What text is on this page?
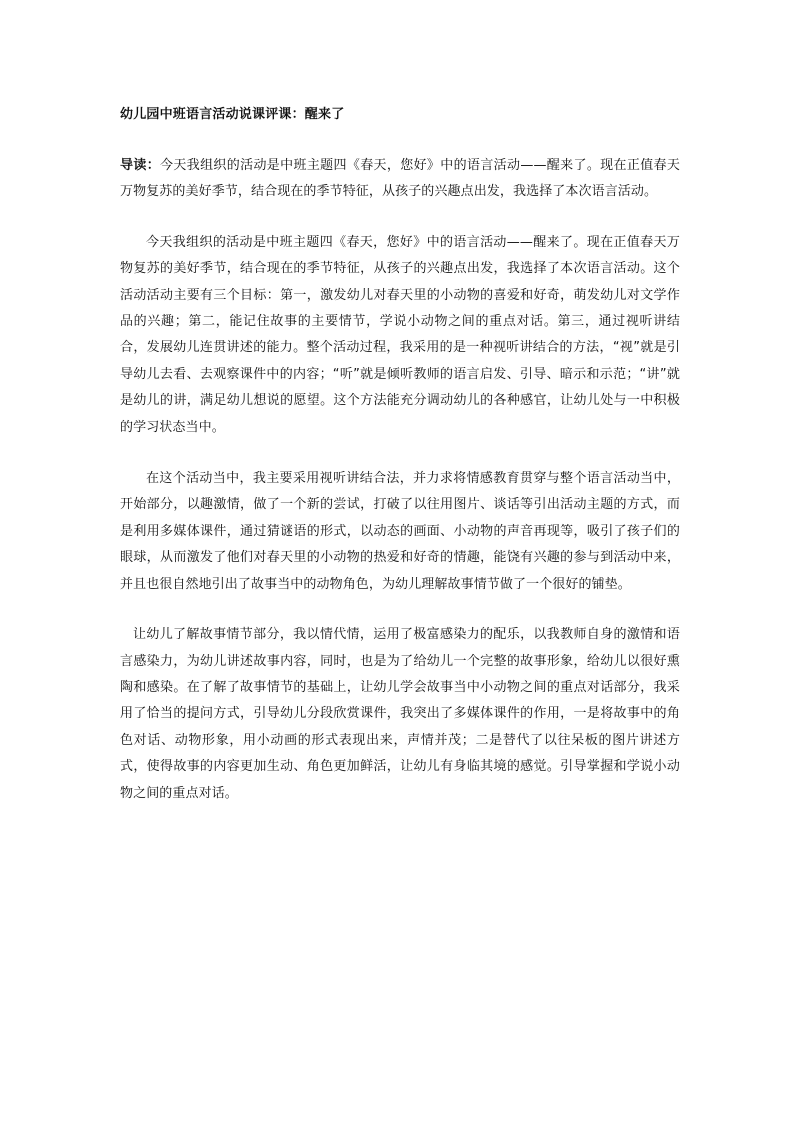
幼儿园中班语言活动说课评课：醒来了

导读：今天我组织的活动是中班主题四《春天，您好》中的语言活动——醒来了。现在正值春天万物复苏的美好季节，结合现在的季节特征，从孩子的兴趣点出发，我选择了本次语言活动。

今天我组织的活动是中班主题四《春天，您好》中的语言活动——醒来了。现在正值春天万物复苏的美好季节，结合现在的季节特征，从孩子的兴趣点出发，我选择了本次语言活动。这个活动活动主要有三个目标：第一，激发幼儿对春天里的小动物的喜爱和好奇，萌发幼儿对文学作品的兴趣；第二，能记住故事的主要情节，学说小动物之间的重点对话。第三，通过视听讲结合，发展幼儿连贯讲述的能力。整个活动过程，我采用的是一种视听讲结合的方法，“视”就是引导幼儿去看、去观察课件中的内容；“听”就是倾听教师的语言启发、引导、暗示和示范；“讲”就是幼儿的讲，满足幼儿想说的愿望。这个方法能充分调动幼儿的各种感官，让幼儿处与一中积极的学习状态当中。

在这个活动当中，我主要采用视听讲结合法，并力求将情感教育贯穿与整个语言活动当中，开始部分，以趣激情，做了一个新的尝试，打破了以往用图片、谈话等引出活动主题的方式，而是利用多媒体课件，通过猜谜语的形式，以动态的画面、小动物的声音再现等，吸引了孩子们的眼球，从而激发了他们对春天里的小动物的热爱和好奇的情趣，能饶有兴趣的参与到活动中来，并且也很自然地引出了故事当中的动物角色，为幼儿理解故事情节做了一个很好的铺垫。

让幼儿了解故事情节部分，我以情代情，运用了极富感染力的配乐，以我教师自身的激情和语言感染力，为幼儿讲述故事内容，同时，也是为了给幼儿一个完整的故事形象，给幼儿以很好熏陶和感染。在了解了故事情节的基础上，让幼儿学会故事当中小动物之间的重点对话部分，我采用了恰当的提问方式，引导幼儿分段欣赏课件，我突出了多媒体课件的作用，一是将故事中的角色对话、动物形象，用小动画的形式表现出来，声情并茂；二是替代了以往呆板的图片讲述方式，使得故事的内容更加生动、角色更加鲜活，让幼儿有身临其境的感觉。引导掌握和学说小动物之间的重点对话。
